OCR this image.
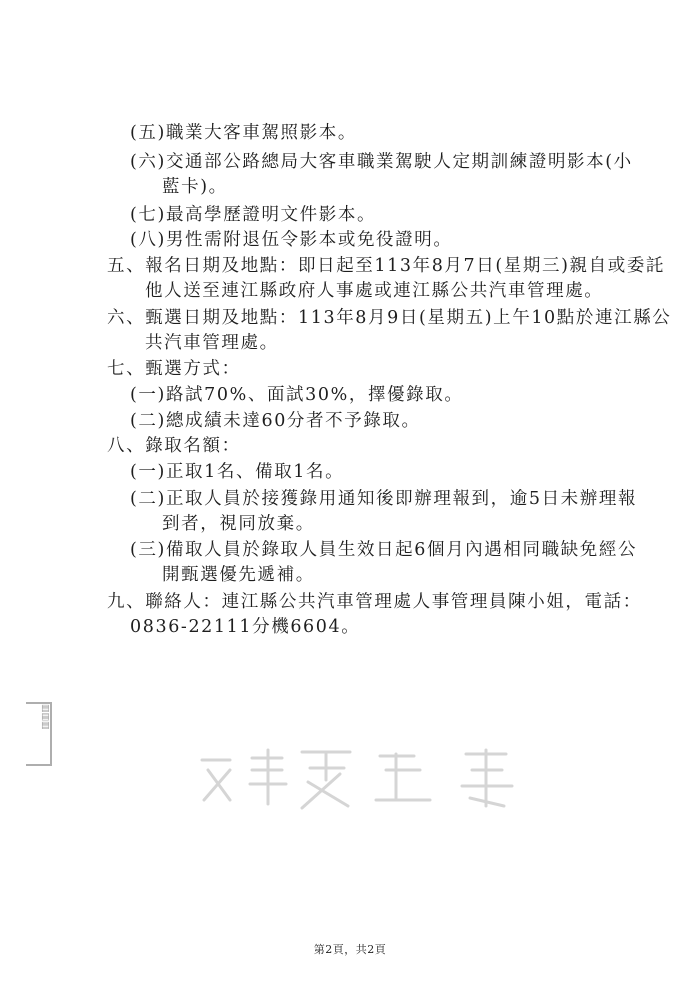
(五)職業大客車駕照影本。
(六)交通部公路總局大客車職業駕駛人定期訓練證明影本(小
藍卡)。
(七)最高學歷證明文件影本。
(八)男性需附退伍令影本或免役證明。
五、報名日期及地點：即日起至113年8月7日(星期三)親自或委託
他人送至連江縣政府人事處或連江縣公共汽車管理處。
六、甄選日期及地點：113年8月9日(星期五)上午10點於連江縣公
共汽車管理處。
七、甄選方式：
(一)路試70%、面試30%，擇優錄取。
(二)總成績未達60分者不予錄取。
八、錄取名額：
(一)正取1名、備取1名。
(二)正取人員於接獲錄用通知後即辦理報到，逾5日未辦理報
到者，視同放棄。
(三)備取人員於錄取人員生效日起6個月內遇相同職缺免經公
開甄選優先遞補。
九、聯絡人：連江縣公共汽車管理處人事管理員陳小姐，電話：
0836-22111分機6604。
▥▥▥
第2頁，共2頁
